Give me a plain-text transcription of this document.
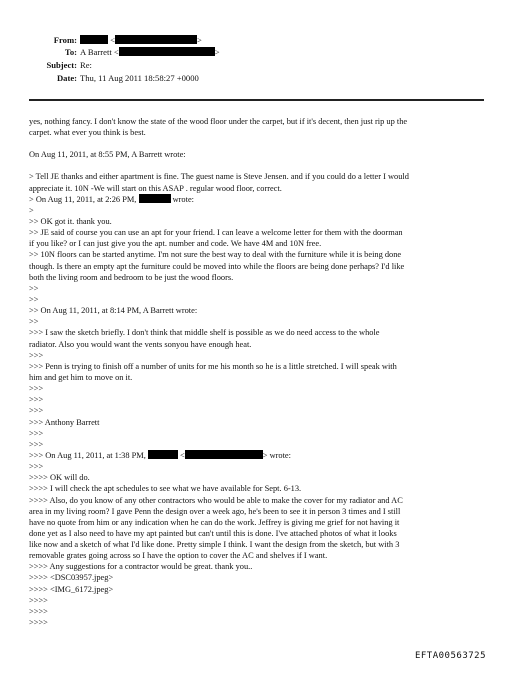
From:	<	>
To: A Barrett <	>
Subject: Re:
Date: Thu, 11 Aug 2011 18:58:27 +0000
yes, nothing fancy. I don't know the state of the wood floor under the carpet, but if it's decent, then just rip up the
carpet. what ever you think is best.
On Aug 11, 2011, at 8:55 PM, A Barrett wrote:
> Tell JE thanks and either apartment is fine. The guest name is Steve Jensen. and if you could do a letter I would
appreciate it. 10N -We will start on this ASAP . regular wood floor, correct.
> On Aug 11, 2011, at 2:26 PM,	wrote:
>
>> OK got it. thank you.
>> JE said of course you can use an apt for your friend. I can leave a welcome letter for them with the doorman
if you like? or I can just give you the apt. number and code. We have 4M and 10N free.
>> 10N floors can be started anytime. I'm not sure the best way to deal with the furniture while it is being done
though. Is there an empty apt the furniture could be moved into while the floors are being done perhaps? I'd like
both the living room and bedroom to be just the wood floors.
>>
>>
>> On Aug 11, 2011, at 8:14 PM, A Barrett wrote:
>>
>>> I saw the sketch briefly. I don't think that middle shelf is possible as we do need access to the whole
radiator. Also you would want the vents sonyou have enough heat.
>>>
>>> Penn is trying to finish off a number of units for me his month so he is a little stretched. I will speak with
him and get him to move on it.
>>>
>>>
>>>
>>> Anthony Barrett
>>>
>>>
>>> On Aug 11, 2011, at 1:38 PM,	<	> wrote:
>>>
>>>> OK will do.
>>>> I will check the apt schedules to see what we have available for Sept. 6-13.
>>>> Also, do you know of any other contractors who would be able to make the cover for my radiator and AC
area in my living room? I gave Penn the design over a week ago, he's been to see it in person 3 times and I still
have no quote from him or any indication when he can do the work. Jeffrey is giving me grief for not having it
done yet as I also need to have my apt painted but can't until this is done. I've attached photos of what it looks
like now and a sketch of what I'd like done. Pretty simple I think. I want the design from the sketch, but with 3
removable grates going across so I have the option to cover the AC and shelves if I want.
>>>> Any suggestions for a contractor would be great. thank you..
>>>> <DSC03957.jpeg>
>>>> <IMG_6172.jpeg>
>>>>
>>>>
>>>>
EFTA00563725
